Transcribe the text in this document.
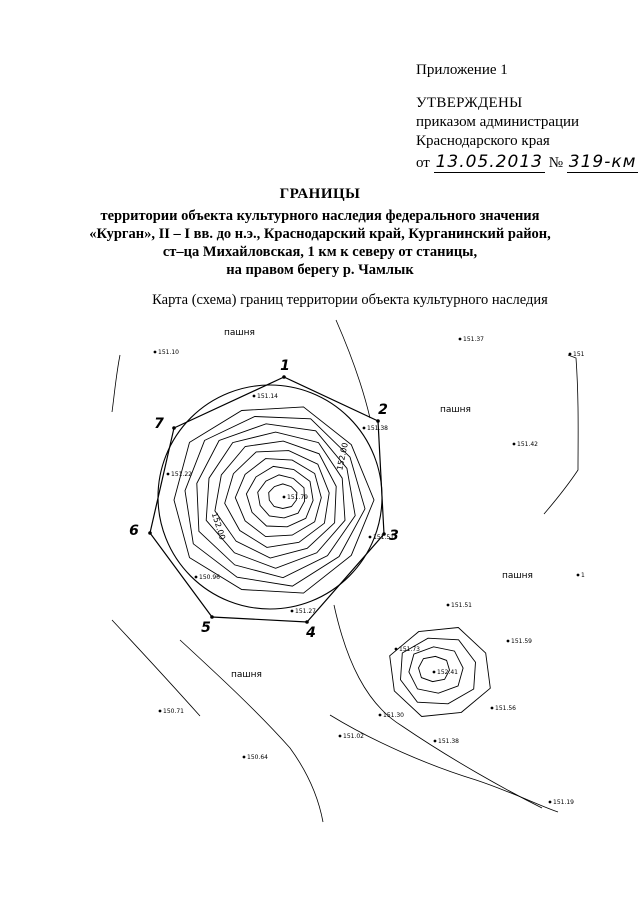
Приложение 1
УТВЕРЖДЕНЫ
приказом администрации
Краснодарского края
от 13.05.2013 № 319-км
ГРАНИЦЫ
территории объекта культурного наследия федерального значения
«Курган», II – I вв. до н.э., Краснодарский край, Курганинский район,
ст–ца Михайловская, 1 км к северу от станицы,
на правом берегу р. Чамлык
Карта (схема) границ территории объекта культурного наследия
1
2
3
4
5
6
7
151.10
151.37
151
151.14
151.38
151.42
151.22
151.79
151.51
1
150.96
151.51
151.27
151.59
151.73
152.41
150.71	151.56
151.30
151.02
151.38
150.64
151.19
пашня
пашня
пашня
пашня
152.00
152.00
